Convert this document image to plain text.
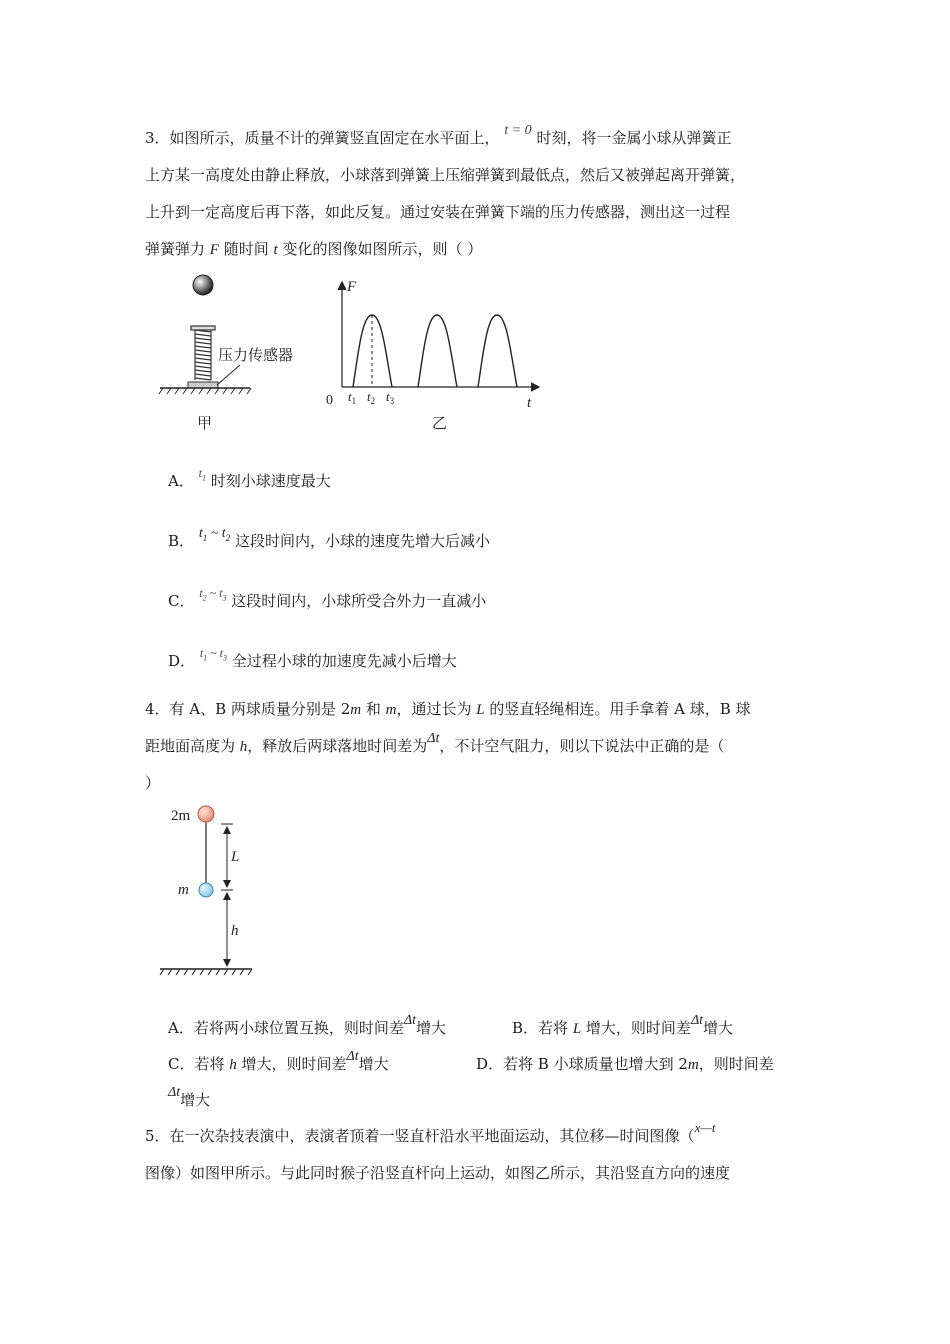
3．如图所示，质量不计的弹簧竖直固定在水平面上， t = 0 时刻，将一金属小球从弹簧正
上方某一高度处由静止释放，小球落到弹簧上压缩弹簧到最低点，然后又被弹起离开弹簧，
上升到一定高度后再下落，如此反复。通过安装在弹簧下端的压力传感器，测出这一过程
弹簧弹力 F 随时间 t 变化的图像如图所示，则（ ）
压力传感器
甲
F
t
0 $t_1$ $t_2$ $t_3$
乙
A． $^{t_1}$ 时刻小球速度最大
B． $t_1$ ~ $t_2$ 这段时间内，小球的速度先增大后减小
C． $^{t_2 \sim t_3}$ 这段时间内，小球所受合外力一直减小
D． $^{t_1 \sim t_3}$ 全过程小球的加速度先减小后增大
4．有 A、B 两球质量分别是 2m 和 m，通过长为 L 的竖直轻绳相连。用手拿着 A 球，B 球
距地面高度为 h，释放后两球落地时间差为Δt，不计空气阻力，则以下说法中正确的是（
）
2m
m
L
h
A．若将两小球位置互换，则时间差Δt增大	B．若将 L 增大，则时间差Δt增大
C．若将 h 增大，则时间差Δt增大	D．若将 B 小球质量也增大到 2m，则时间差
Δt增大
5．在一次杂技表演中，表演者顶着一竖直杆沿水平地面运动，其位移—时间图像（x—t
图像）如图甲所示。与此同时猴子沿竖直杆向上运动，如图乙所示，其沿竖直方向的速度
